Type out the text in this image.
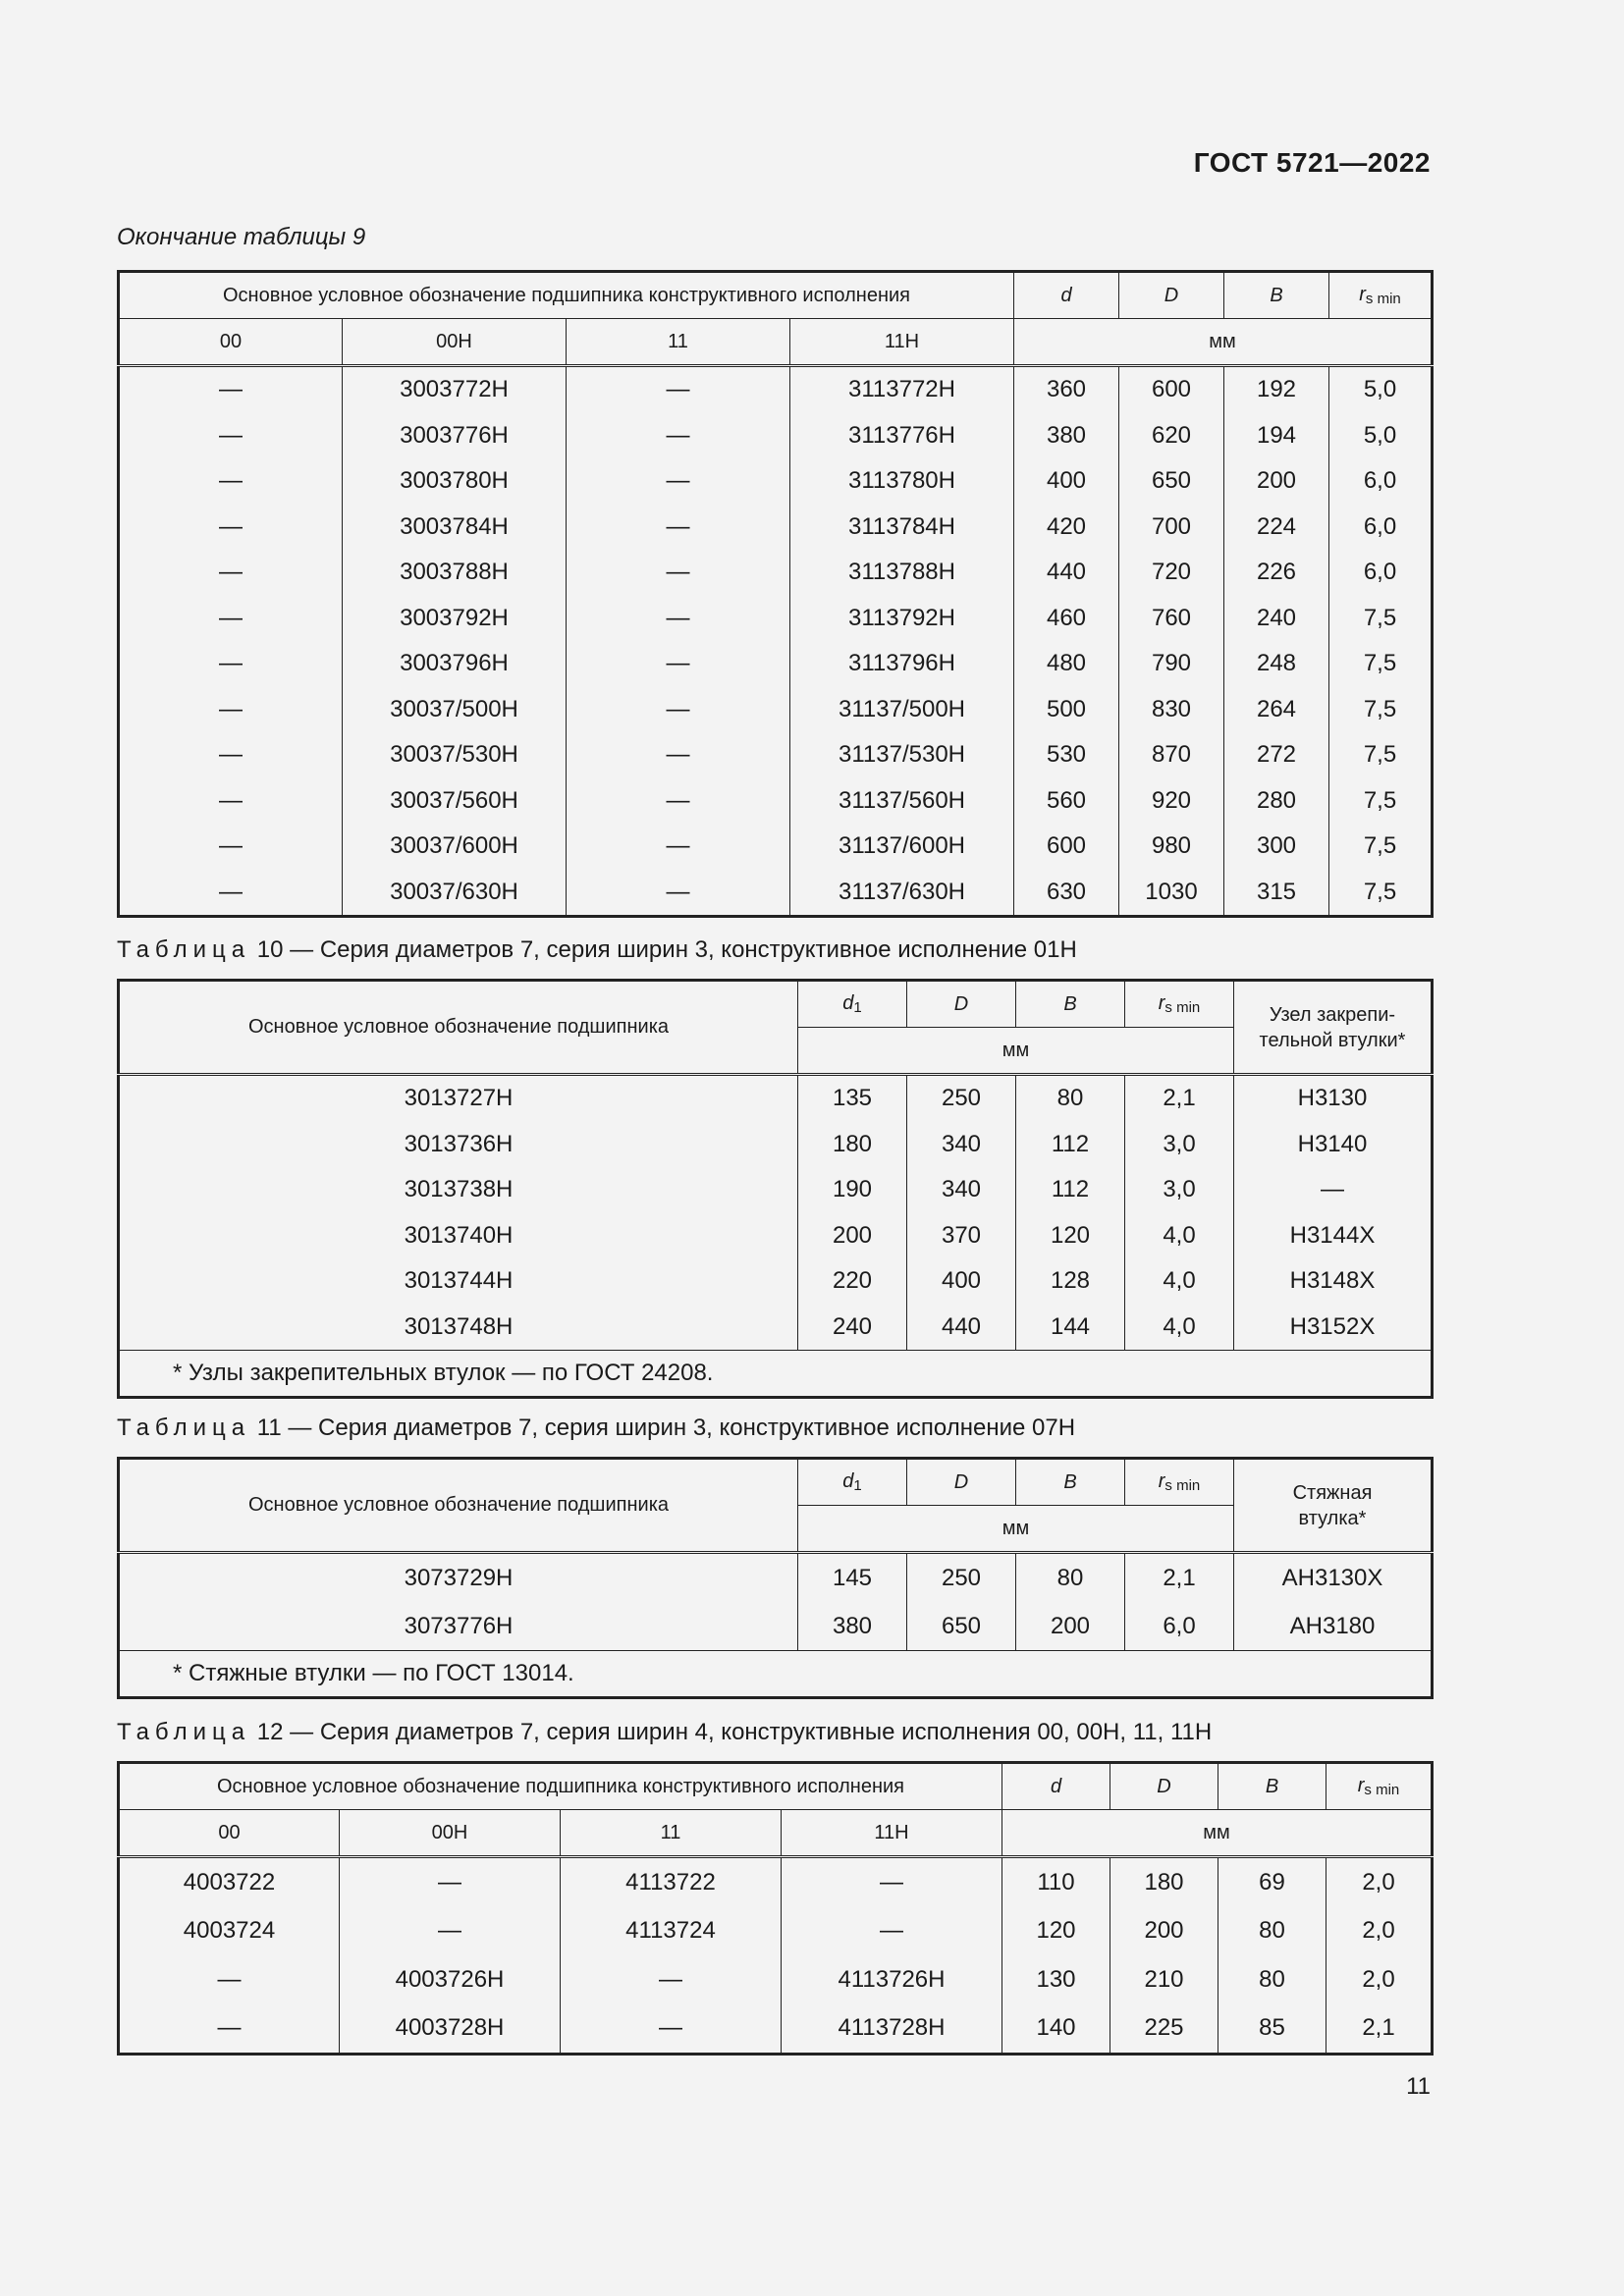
ГОСТ 5721—2022
Окончание таблицы 9
Основное условное обозначение подшипника конструктивного исполнения				d	D	B	$r_{s min}$
00	00Н	11	11Н	мм			
—	3003772Н	—	3113772Н	360	600	192	5,0
—	3003776Н	—	3113776Н	380	620	194	5,0
—	3003780Н	—	3113780Н	400	650	200	6,0
—	3003784Н	—	3113784Н	420	700	224	6,0
—	3003788Н	—	3113788Н	440	720	226	6,0
—	3003792Н	—	3113792Н	460	760	240	7,5
—	3003796Н	—	3113796Н	480	790	248	7,5
—	30037/500Н	—	31137/500Н	500	830	264	7,5
—	30037/530Н	—	31137/530Н	530	870	272	7,5
—	30037/560Н	—	31137/560Н	560	920	280	7,5
—	30037/600Н	—	31137/600Н	600	980	300	7,5
—	30037/630Н	—	31137/630Н	630	1030	315	7,5
Таблица 10 — Серия диаметров 7, серия ширин 3, конструктивное исполнение 01Н
Основное условное обозначение подшипника	$d_1$	D	B	$r_{s min}$	Узел закрепи-
тельной втулки*
	мм				
3013727Н	135	250	80	2,1	Н3130
3013736Н	180	340	112	3,0	Н3140
3013738Н	190	340	112	3,0	—
3013740Н	200	370	120	4,0	Н3144Х
3013744Н	220	400	128	4,0	Н3148Х
3013748Н	240	440	144	4,0	Н3152Х
* Узлы закрепительных втулок — по ГОСТ 24208.					
Таблица 11 — Серия диаметров 7, серия ширин 3, конструктивное исполнение 07Н
Основное условное обозначение подшипника	$d_1$	D	B	$r_{s min}$	Стяжная
втулка*
	мм				
3073729Н	145	250	80	2,1	АН3130Х
3073776Н	380	650	200	6,0	АН3180
* Стяжные втулки — по ГОСТ 13014.					
Таблица 12 — Серия диаметров 7, серия ширин 4, конструктивные исполнения 00, 00Н, 11, 11Н
Основное условное обозначение подшипника конструктивного исполнения				d	D	B	$r_{s min}$
00	00Н	11	11Н	мм			
4003722	—	4113722	—	110	180	69	2,0
4003724	—	4113724	—	120	200	80	2,0
—	4003726Н	—	4113726Н	130	210	80	2,0
—	4003728Н	—	4113728Н	140	225	85	2,1
11
